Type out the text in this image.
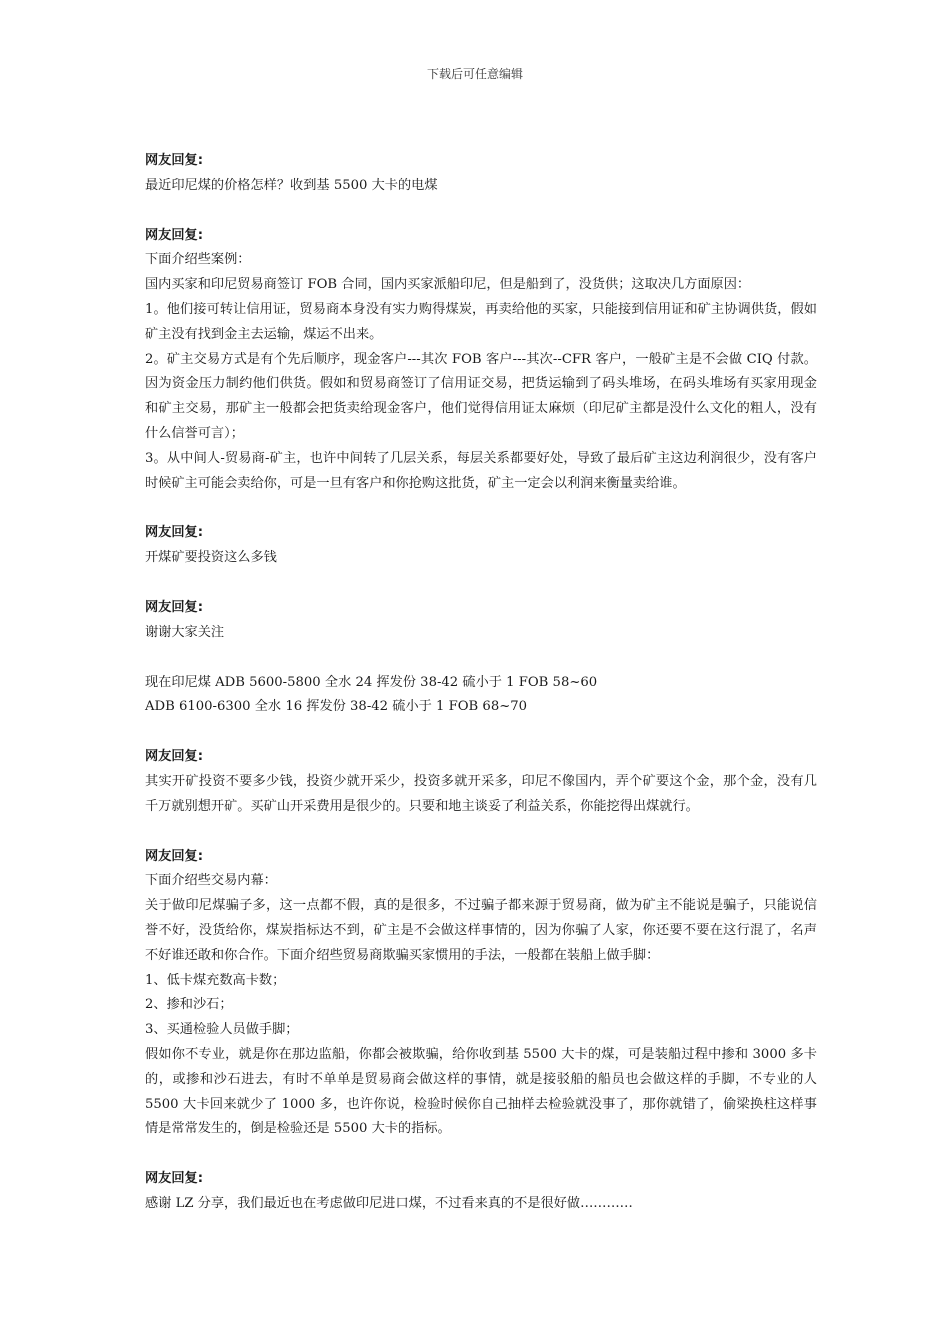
下载后可任意编辑

网友回复:

最近印尼煤的价格怎样？收到基 5500 大卡的电煤

网友回复:

下面介绍些案例：

国内买家和印尼贸易商签订 FOB 合同，国内买家派船印尼，但是船到了，没货供；这取决几方面原因：

1。他们接可转让信用证，贸易商本身没有实力购得煤炭，再卖给他的买家，只能接到信用证和矿主协调供货，假如矿主没有找到金主去运输，煤运不出来。

2。矿主交易方式是有个先后顺序，现金客户---其次 FOB 客户---其次--CFR 客户，一般矿主是不会做 CIQ 付款。因为资金压力制约他们供货。假如和贸易商签订了信用证交易，把货运输到了码头堆场，在码头堆场有买家用现金和矿主交易，那矿主一般都会把货卖给现金客户，他们觉得信用证太麻烦（印尼矿主都是没什么文化的粗人，没有什么信誉可言）；

3。从中间人-贸易商-矿主，也许中间转了几层关系，每层关系都要好处，导致了最后矿主这边利润很少，没有客户时候矿主可能会卖给你，可是一旦有客户和你抢购这批货，矿主一定会以利润来衡量卖给谁。

网友回复:

开煤矿要投资这么多钱

网友回复:

谢谢大家关注

现在印尼煤 ADB 5600-5800 全水 24 挥发份 38-42 硫小于 1 FOB 58~60

ADB 6100-6300 全水 16 挥发份 38-42 硫小于 1 FOB 68~70

网友回复:

其实开矿投资不要多少钱，投资少就开采少，投资多就开采多，印尼不像国内，弄个矿要这个金，那个金，没有几千万就别想开矿。买矿山开采费用是很少的。只要和地主谈妥了利益关系，你能挖得出煤就行。

网友回复:

下面介绍些交易内幕：

关于做印尼煤骗子多，这一点都不假，真的是很多，不过骗子都来源于贸易商，做为矿主不能说是骗子，只能说信誉不好，没货给你，煤炭指标达不到，矿主是不会做这样事情的，因为你骗了人家，你还要不要在这行混了，名声不好谁还敢和你合作。下面介绍些贸易商欺骗买家惯用的手法，一般都在装船上做手脚：

1、低卡煤充数高卡数；

2、掺和沙石；

3、买通检验人员做手脚；

假如你不专业，就是你在那边监船，你都会被欺骗，给你收到基 5500 大卡的煤，可是装船过程中掺和 3000 多卡的，或掺和沙石进去，有时不单单是贸易商会做这样的事情，就是接驳船的船员也会做这样的手脚，不专业的人 5500 大卡回来就少了 1000 多，也许你说，检验时候你自己抽样去检验就没事了，那你就错了，偷梁换柱这样事情是常常发生的，倒是检验还是 5500 大卡的指标。

网友回复:

感谢 LZ 分享，我们最近也在考虑做印尼进口煤，不过看来真的不是很好做…………
